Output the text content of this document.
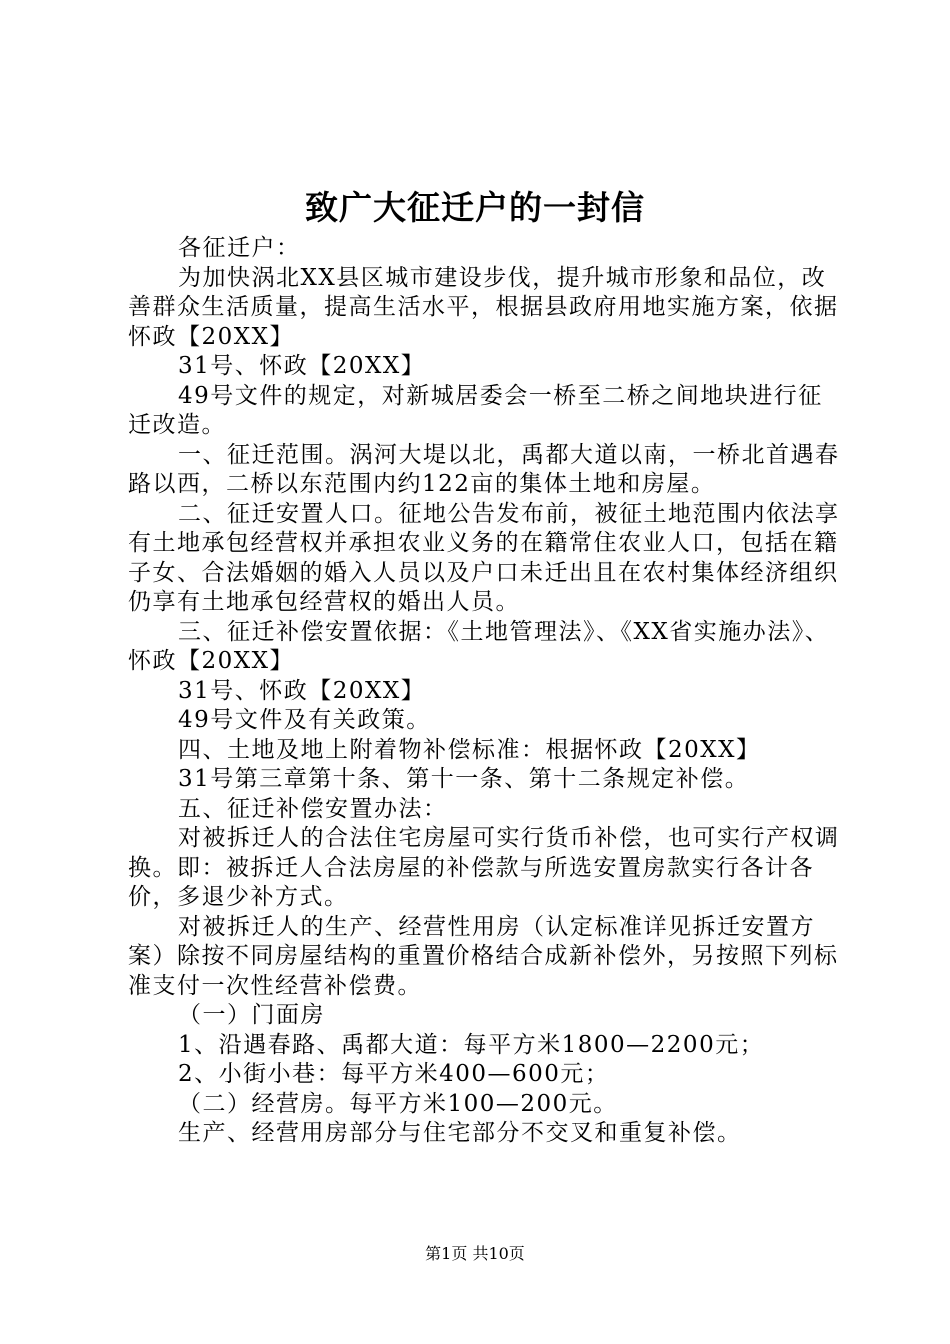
致广大征迁户的一封信

各征迁户：

为加快涡北XX县区城市建设步伐，提升城市形象和品位，改善群众生活质量，提高生活水平，根据县政府用地实施方案，依据怀政【20XX】

31号、怀政【20XX】

49号文件的规定，对新城居委会一桥至二桥之间地块进行征迁改造。

一、征迁范围。涡河大堤以北，禹都大道以南，一桥北首遇春路以西，二桥以东范围内约122亩的集体土地和房屋。

二、征迁安置人口。征地公告发布前，被征土地范围内依法享有土地承包经营权并承担农业义务的在籍常住农业人口，包括在籍子女、合法婚姻的婚入人员以及户口未迁出且在农村集体经济组织仍享有土地承包经营权的婚出人员。

三、征迁补偿安置依据：《土地管理法》、《XX省实施办法》、怀政【20XX】

31号、怀政【20XX】

49号文件及有关政策。

四、土地及地上附着物补偿标准：根据怀政【20XX】

31号第三章第十条、第十一条、第十二条规定补偿。

五、征迁补偿安置办法：

对被拆迁人的合法住宅房屋可实行货币补偿，也可实行产权调换。即：被拆迁人合法房屋的补偿款与所选安置房款实行各计各价，多退少补方式。

对被拆迁人的生产、经营性用房（认定标准详见拆迁安置方案）除按不同房屋结构的重置价格结合成新补偿外，另按照下列标准支付一次性经营补偿费。

（一）门面房

1、沿遇春路、禹都大道：每平方米1800—2200元；

2、小街小巷：每平方米400—600元；

（二）经营房。每平方米100—200元。

生产、经营用房部分与住宅部分不交叉和重复补偿。

第1页 共10页
